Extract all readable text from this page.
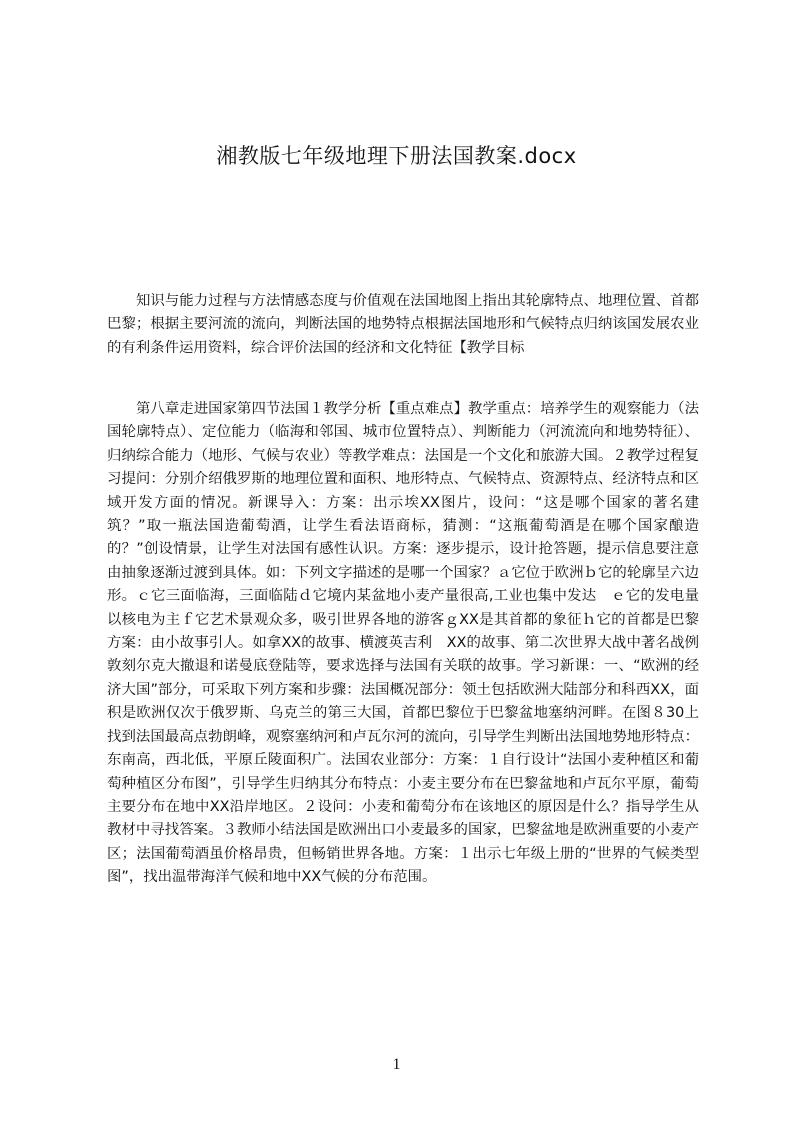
湘教版七年级地理下册法国教案.docx

知识与能力过程与方法情感态度与价值观在法国地图上指出其轮廓特点、地理位置、首都巴黎；根据主要河流的流向，判断法国的地势特点根据法国地形和气候特点归纳该国发展农业的有利条件运用资料，综合评价法国的经济和文化特征【教学目标

第八章走进国家第四节法国１教学分析【重点难点】教学重点：培养学生的观察能力（法国轮廓特点）、定位能力（临海和邻国、城市位置特点）、判断能力（河流流向和地势特征）、归纳综合能力（地形、气候与农业）等教学难点：法国是一个文化和旅游大国。２教学过程复习提问：分别介绍俄罗斯的地理位置和面积、地形特点、气候特点、资源特点、经济特点和区域开发方面的情况。新课导入：方案：出示埃XX图片，设问：“这是哪个国家的著名建筑？”取一瓶法国造葡萄酒，让学生看法语商标，猜测：“这瓶葡萄酒是在哪个国家酿造的？”创设情景，让学生对法国有感性认识。方案：逐步提示，设计抢答题，提示信息要注意由抽象逐渐过渡到具体。如：下列文字描述的是哪一个国家？ａ它位于欧洲ｂ它的轮廓呈六边形。ｃ它三面临海，三面临陆ｄ它境内某盆地小麦产量很高,工业也集中发达　ｅ它的发电量以核电为主ｆ它艺术景观众多，吸引世界各地的游客ｇXX是其首都的象征ｈ它的首都是巴黎方案：由小故事引人。如拿XX的故事、横渡英吉利　XX的故事、第二次世界大战中著名战例敦刻尔克大撤退和诺曼底登陆等，要求选择与法国有关联的故事。学习新课：一、“欧洲的经济大国”部分，可采取下列方案和步骤：法国概况部分：领土包括欧洲大陆部分和科西XX，面积是欧洲仅次于俄罗斯、乌克兰的第三大国，首都巴黎位于巴黎盆地塞纳河畔。在图８30上找到法国最高点勃朗峰，观察塞纳河和卢瓦尔河的流向，引导学生判断出法国地势地形特点：东南高，西北低，平原丘陵面积广。法国农业部分：方案：１自行设计“法国小麦种植区和葡萄种植区分布图”，引导学生归纳其分布特点：小麦主要分布在巴黎盆地和卢瓦尔平原，葡萄主要分布在地中XX沿岸地区。２设问：小麦和葡萄分布在该地区的原因是什么？指导学生从教材中寻找答案。３教师小结法国是欧洲出口小麦最多的国家，巴黎盆地是欧洲重要的小麦产区；法国葡萄酒虽价格昂贵，但畅销世界各地。方案：１出示七年级上册的“世界的气候类型图”，找出温带海洋气候和地中XX气候的分布范围。

1
